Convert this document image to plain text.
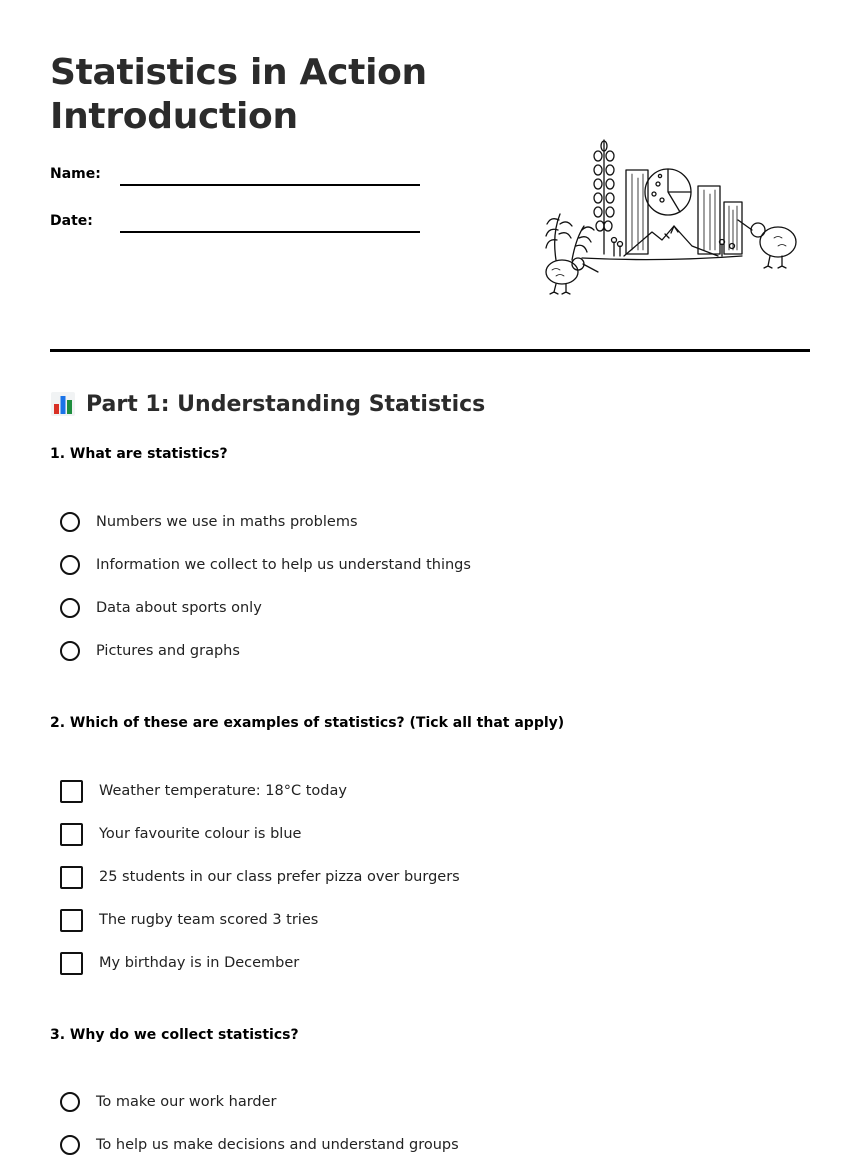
Statistics in Action
Introduction
Name:
Date:
Part 1: Understanding Statistics

1. What are statistics?

Numbers we use in maths problems
Information we collect to help us understand things
Data about sports only
Pictures and graphs

2. Which of these are examples of statistics? (Tick all that apply)

Weather temperature: 18°C today
Your favourite colour is blue
25 students in our class prefer pizza over burgers
The rugby team scored 3 tries
My birthday is in December

3. Why do we collect statistics?

To make our work harder
To help us make decisions and understand groups
